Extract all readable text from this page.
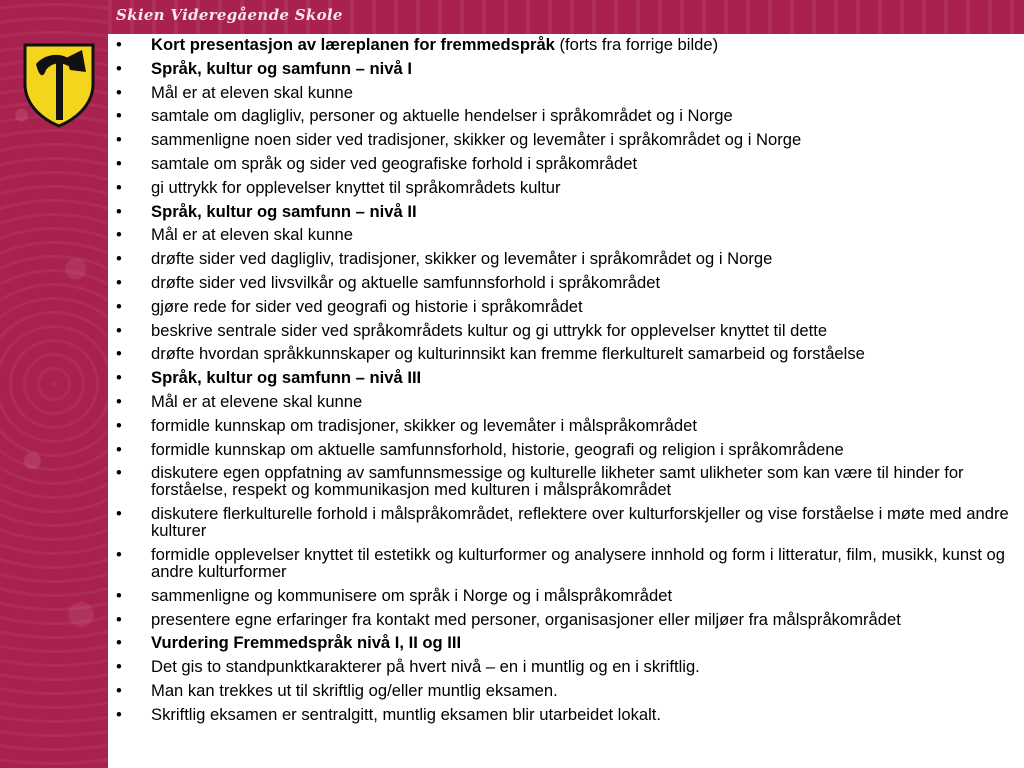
Skien Videregående Skole
• Kort presentasjon av læreplanen for fremmedspråk (forts fra forrige bilde)
• Språk, kultur og samfunn – nivå I
• Mål er at eleven skal kunne
• samtale om dagligliv, personer og aktuelle hendelser i språkområdet og i Norge
• sammenligne noen sider ved tradisjoner, skikker og levemåter i språkområdet og i Norge
• samtale om språk og sider ved geografiske forhold i språkområdet
• gi uttrykk for opplevelser knyttet til språkområdets kultur
• Språk, kultur og samfunn – nivå II
• Mål er at eleven skal kunne
• drøfte sider ved dagligliv, tradisjoner, skikker og levemåter i språkområdet og i Norge
• drøfte sider ved livsvilkår og aktuelle samfunnsforhold i språkområdet
• gjøre rede for sider ved geografi og historie i språkområdet
• beskrive sentrale sider ved språkområdets kultur og gi uttrykk for opplevelser knyttet til dette
• drøfte hvordan språkkunnskaper og kulturinnsikt kan fremme flerkulturelt samarbeid og forståelse
• Språk, kultur og samfunn – nivå III
• Mål er at elevene skal kunne
• formidle kunnskap om tradisjoner, skikker og levemåter i målspråkområdet
• formidle kunnskap om aktuelle samfunnsforhold, historie, geografi og religion i språkområdene
• diskutere egen oppfatning av samfunnsmessige og kulturelle likheter samt ulikheter som kan være til hinder for forståelse, respekt og kommunikasjon med kulturen i målspråkområdet
• diskutere flerkulturelle forhold i målspråkområdet, reflektere over kulturforskjeller og vise forståelse i møte med andre kulturer
• formidle opplevelser knyttet til estetikk og kulturformer og analysere innhold og form i litteratur, film, musikk, kunst og andre kulturformer
• sammenligne og kommunisere om språk i Norge og i målspråkområdet
• presentere egne erfaringer fra kontakt med personer, organisasjoner eller miljøer fra målspråkområdet
• Vurdering Fremmedspråk nivå I, II og III
• Det gis to standpunktkarakterer på hvert nivå – en i muntlig og en i skriftlig.
• Man kan trekkes ut til skriftlig og/eller muntlig eksamen.
• Skriftlig eksamen er sentralgitt, muntlig eksamen blir utarbeidet lokalt.
